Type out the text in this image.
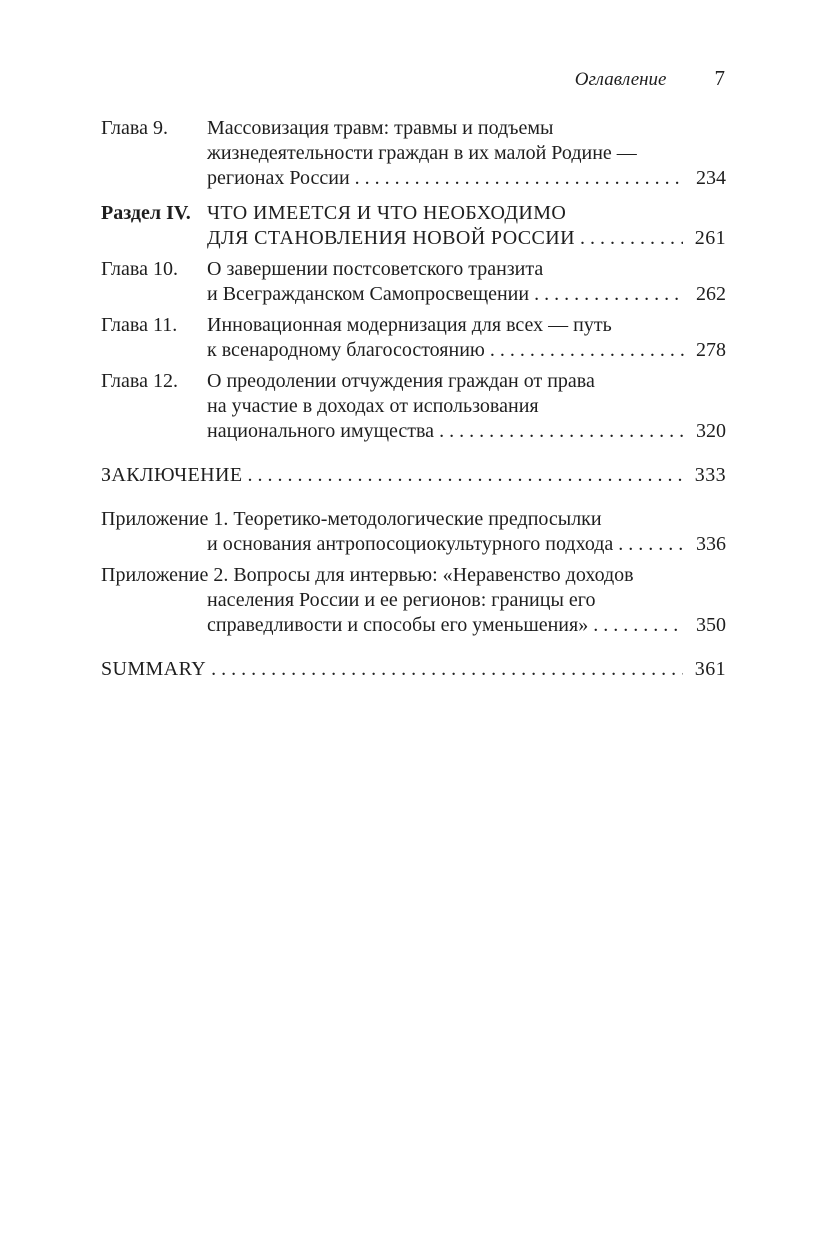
Оглавление 7
Глава 9.	Массовизация травм: травмы и подъемы
жизнедеятельности граждан в их малой Родине —
регионах России . . .	234
Раздел IV. ЧТО ИМЕЕТСЯ И ЧТО НЕОБХОДИМО
ДЛЯ СТАНОВЛЕНИЯ НОВОЙ РОССИИ . . .	261
Глава 10.	О завершении постсоветского транзита
и Всегражданском Самопросвещении . . .	262
Глава 11.	Инновационная модернизация для всех — путь
к всенародному благосостоянию . . .	278
Глава 12.	О преодолении отчуждения граждан от права
на участие в доходах от использования
национального имущества . . .	320
ЗАКЛЮЧЕНИЕ . . .	333
Приложение 1. Теоретико-методологические предпосылки
и основания антропосоциокультурного подхода . . .	336
Приложение 2. Вопросы для интервью: «Неравенство доходов
населения России и ее регионов: границы его
справедливости и способы его уменьшения» . . .	350
SUMMARY . . .	361
